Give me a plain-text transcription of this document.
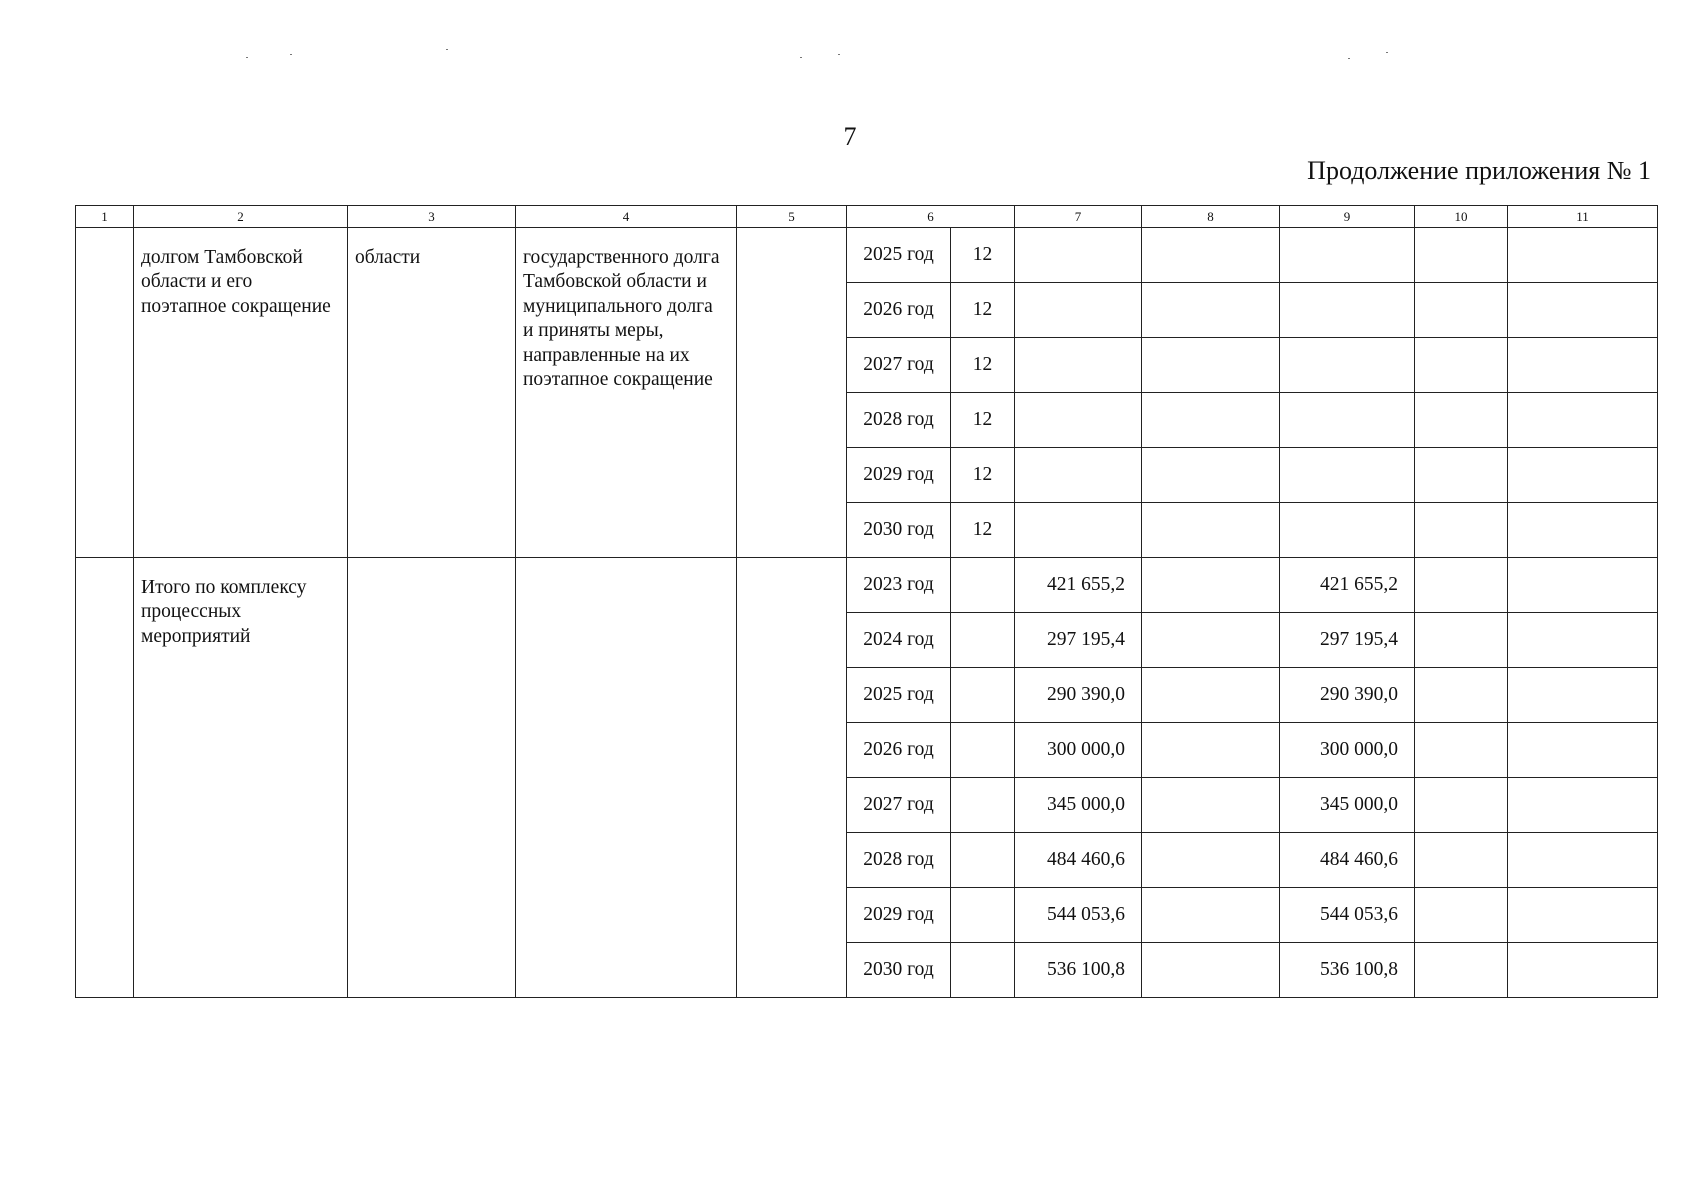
7
Продолжение приложения № 1
1	2	3	4	5	6		7	8	9	10	11
	долгом Тамбовской области и его поэтапное сокращение	области	государственного долга Тамбовской области и муниципального долга и приняты меры, направленные на их поэтапное сокращение		2025 год	12					
					2026 год	12					
					2027 год	12					
					2028 год	12					
					2029 год	12					
					2030 год	12					
	Итого по комплексу процессных мероприятий				2023 год		421 655,2		421 655,2		
					2024 год		297 195,4		297 195,4		
					2025 год		290 390,0		290 390,0		
					2026 год		300 000,0		300 000,0		
					2027 год		345 000,0		345 000,0		
					2028 год		484 460,6		484 460,6		
					2029 год		544 053,6		544 053,6		
					2030 год		536 100,8		536 100,8		
